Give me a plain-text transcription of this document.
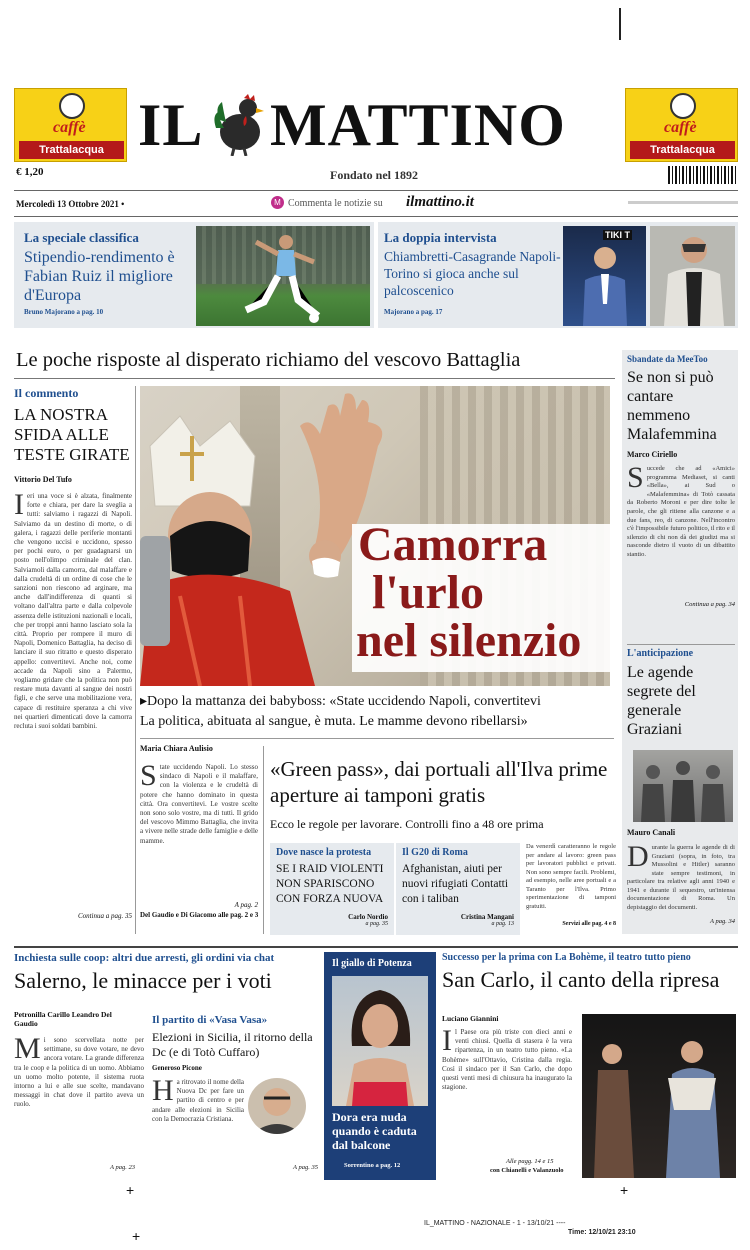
caffè
Trattalacqua
caffè
Trattalacqua
€ 1,20
IL MATTINO
Fondato nel 1892
Mercoledì 13 Ottobre 2021 •	M Commenta le notizie su ilmattino.it
La speciale classifica
Stipendio-rendimento è Fabian Ruiz il migliore d'Europa
Bruno Majorano a pag. 10
La doppia intervista
Chiambretti-Casagrande Napoli-Torino si gioca anche sul palcoscenico
Majorano a pag. 17
TIKI T
Le poche risposte al disperato richiamo del vescovo Battaglia
Il commento
LA NOSTRA SFIDA ALLE TESTE GIRATE
Vittorio Del Tufo
Ieri una voce si è alzata, finalmente forte e chiara, per dare la sveglia a tutti: salviamo i ragazzi di Napoli. Salviamo da un destino di morte, o di galera, i ragazzi delle periferie montanti che vengono uccisi e uccidono, spesso per pochi euro, o per guadagnarsi un posto nell'olimpo criminale del clan. Salviamoli dalla camorra, dal malaffare e dalla crudeltà di un ordine di cose che le sanzioni non riescono ad arginare, ma anche dall'indifferenza di quanti si voltano dall'altra parte e dalla colpevole assenza delle istituzioni nazionali e locali, che per troppi anni hanno lasciato sola la città. Proprio per rompere il muro di Napoli, Domenico Battaglia, ha deciso di lanciare il suo ritratto e questo disperato appello: convertitevi. Anche noi, come accade da Napoli sino a Palermo, vogliamo gridare che la politica non può restare muta davanti al sangue dei nostri figli, e che serve una mobilitazione vera, capace di restituire speranza a chi vive nei quartieri dimenticati dove la camorra recluta i suoi soldati bambini.
Continua a pag. 35
Camorra
l'urlo
nel silenzio
▸Dopo la mattanza dei babyboss: «State uccidendo Napoli, convertitevi
La politica, abituata al sangue, è muta. Le mamme devono ribellarsi»
Maria Chiara Aulisio
State uccidendo Napoli. Lo stesso sindaco di Napoli e il malaffare, con la violenza e le crudeltà di potere che hanno dominato in questa città. Ora convertitevi. Le vostre scelte non sono solo vostre, ma di tutti. Il grido del vescovo Mimmo Battaglia, che invita a vivere nelle strade delle famiglie e delle mamme.
A pag. 2
Del Gaudio e Di Giacomo alle pag. 2 e 3
«Green pass», dai portuali all'Ilva prime aperture ai tamponi gratis
Ecco le regole per lavorare. Controlli fino a 48 ore prima
Dove nasce la protesta
SE I RAID VIOLENTI NON SPARISCONO CON FORZA NUOVA
Carlo Nordio
a pag. 35
Il G20 di Roma
Afghanistan, aiuti per nuovi rifugiati Contatti con i taliban
Cristina Mangani
a pag. 13
Da venerdì caratteranno le regole per andare al lavoro: green pass per lavoratori pubblici e privati. Non sono sempre facili. Problemi, ad esempio, nelle aree portuali e a Taranto per l'Ilva. Primo sperimentazione di tamponi gratuiti.
Servizi alle pag. 4 e 8
Sbandate da MeeToo
Se non si può cantare nemmeno Malafemmina
Marco Ciriello
Succede che ad «Amici» programma Mediaset, si canti «Bella», ai Sud o «Malafemmina» di Totò cassata da Roberto Moroni e per dire tolte le parole, che gli ritiene alla canzone e a due fans, reo, di canzone. Nell'incontro c'è l'impossibile futuro politico, il rito e il silenzio di chi non dà dei giudizi ma si nasconde dietro il vuoto di un dibattito stantio.
Continua a pag. 34
L'anticipazione
Le agende segrete del generale Graziani
Mauro Canali
Durante la guerra le agende di di Graziani (sopra, in foto, tra Mussolini e Hitler) saranno state sempre testimoni, in particolare tra relative agli anni 1940 e 1941 e durante il sequestro, un'intensa documentazione di Roma. Un depistaggio dei documenti.
A pag. 34
Inchiesta sulle coop: altri due arresti, gli ordini via chat
Salerno, le minacce per i voti
Petronilla Carillo Leandro Del Gaudio
Mi sono scervellata notte per settimane, su dove votare, ne devo ancora votare. La grande differenza tra le coop e la politica di un uomo. Abbiamo un uomo molto potente, il sistema ruota intorno a lui e alle sue scelte, mandavano messaggi in chat dove il partito aveva un ruolo.
A pag. 23
Il partito di «Vasa Vasa»
Elezioni in Sicilia, il ritorno della Dc (e di Totò Cuffaro)
Generoso Picone
Ha ritrovato il nome della Nuova Dc per fare un partito di centro e per andare alle elezioni in Sicilia con la Democrazia Cristiana.
A pag. 35
Il giallo di Potenza
Dora era nuda quando è caduta dal balcone
Sorrentino a pag. 12
Successo per la prima con La Bohème, il teatro tutto pieno
San Carlo, il canto della ripresa
Luciano Giannini
Il Paese ora più triste con dieci anni e venti chiusi. Quella di stasera è la vera ripartenza, in un teatro tutto pieno. «La Bohème» sull'Ottavio, Cristina dalla regia. Così il sindaco per il San Carlo, che dopo questi venti mesi di chiusura ha inaugurato la stagione.
Alle pagg. 14 e 15
con Chianelli e Valanzuolo
+	+
+
IL_MATTINO - NAZIONALE - 1 - 13/10/21 ----
Time: 12/10/21 23:10
